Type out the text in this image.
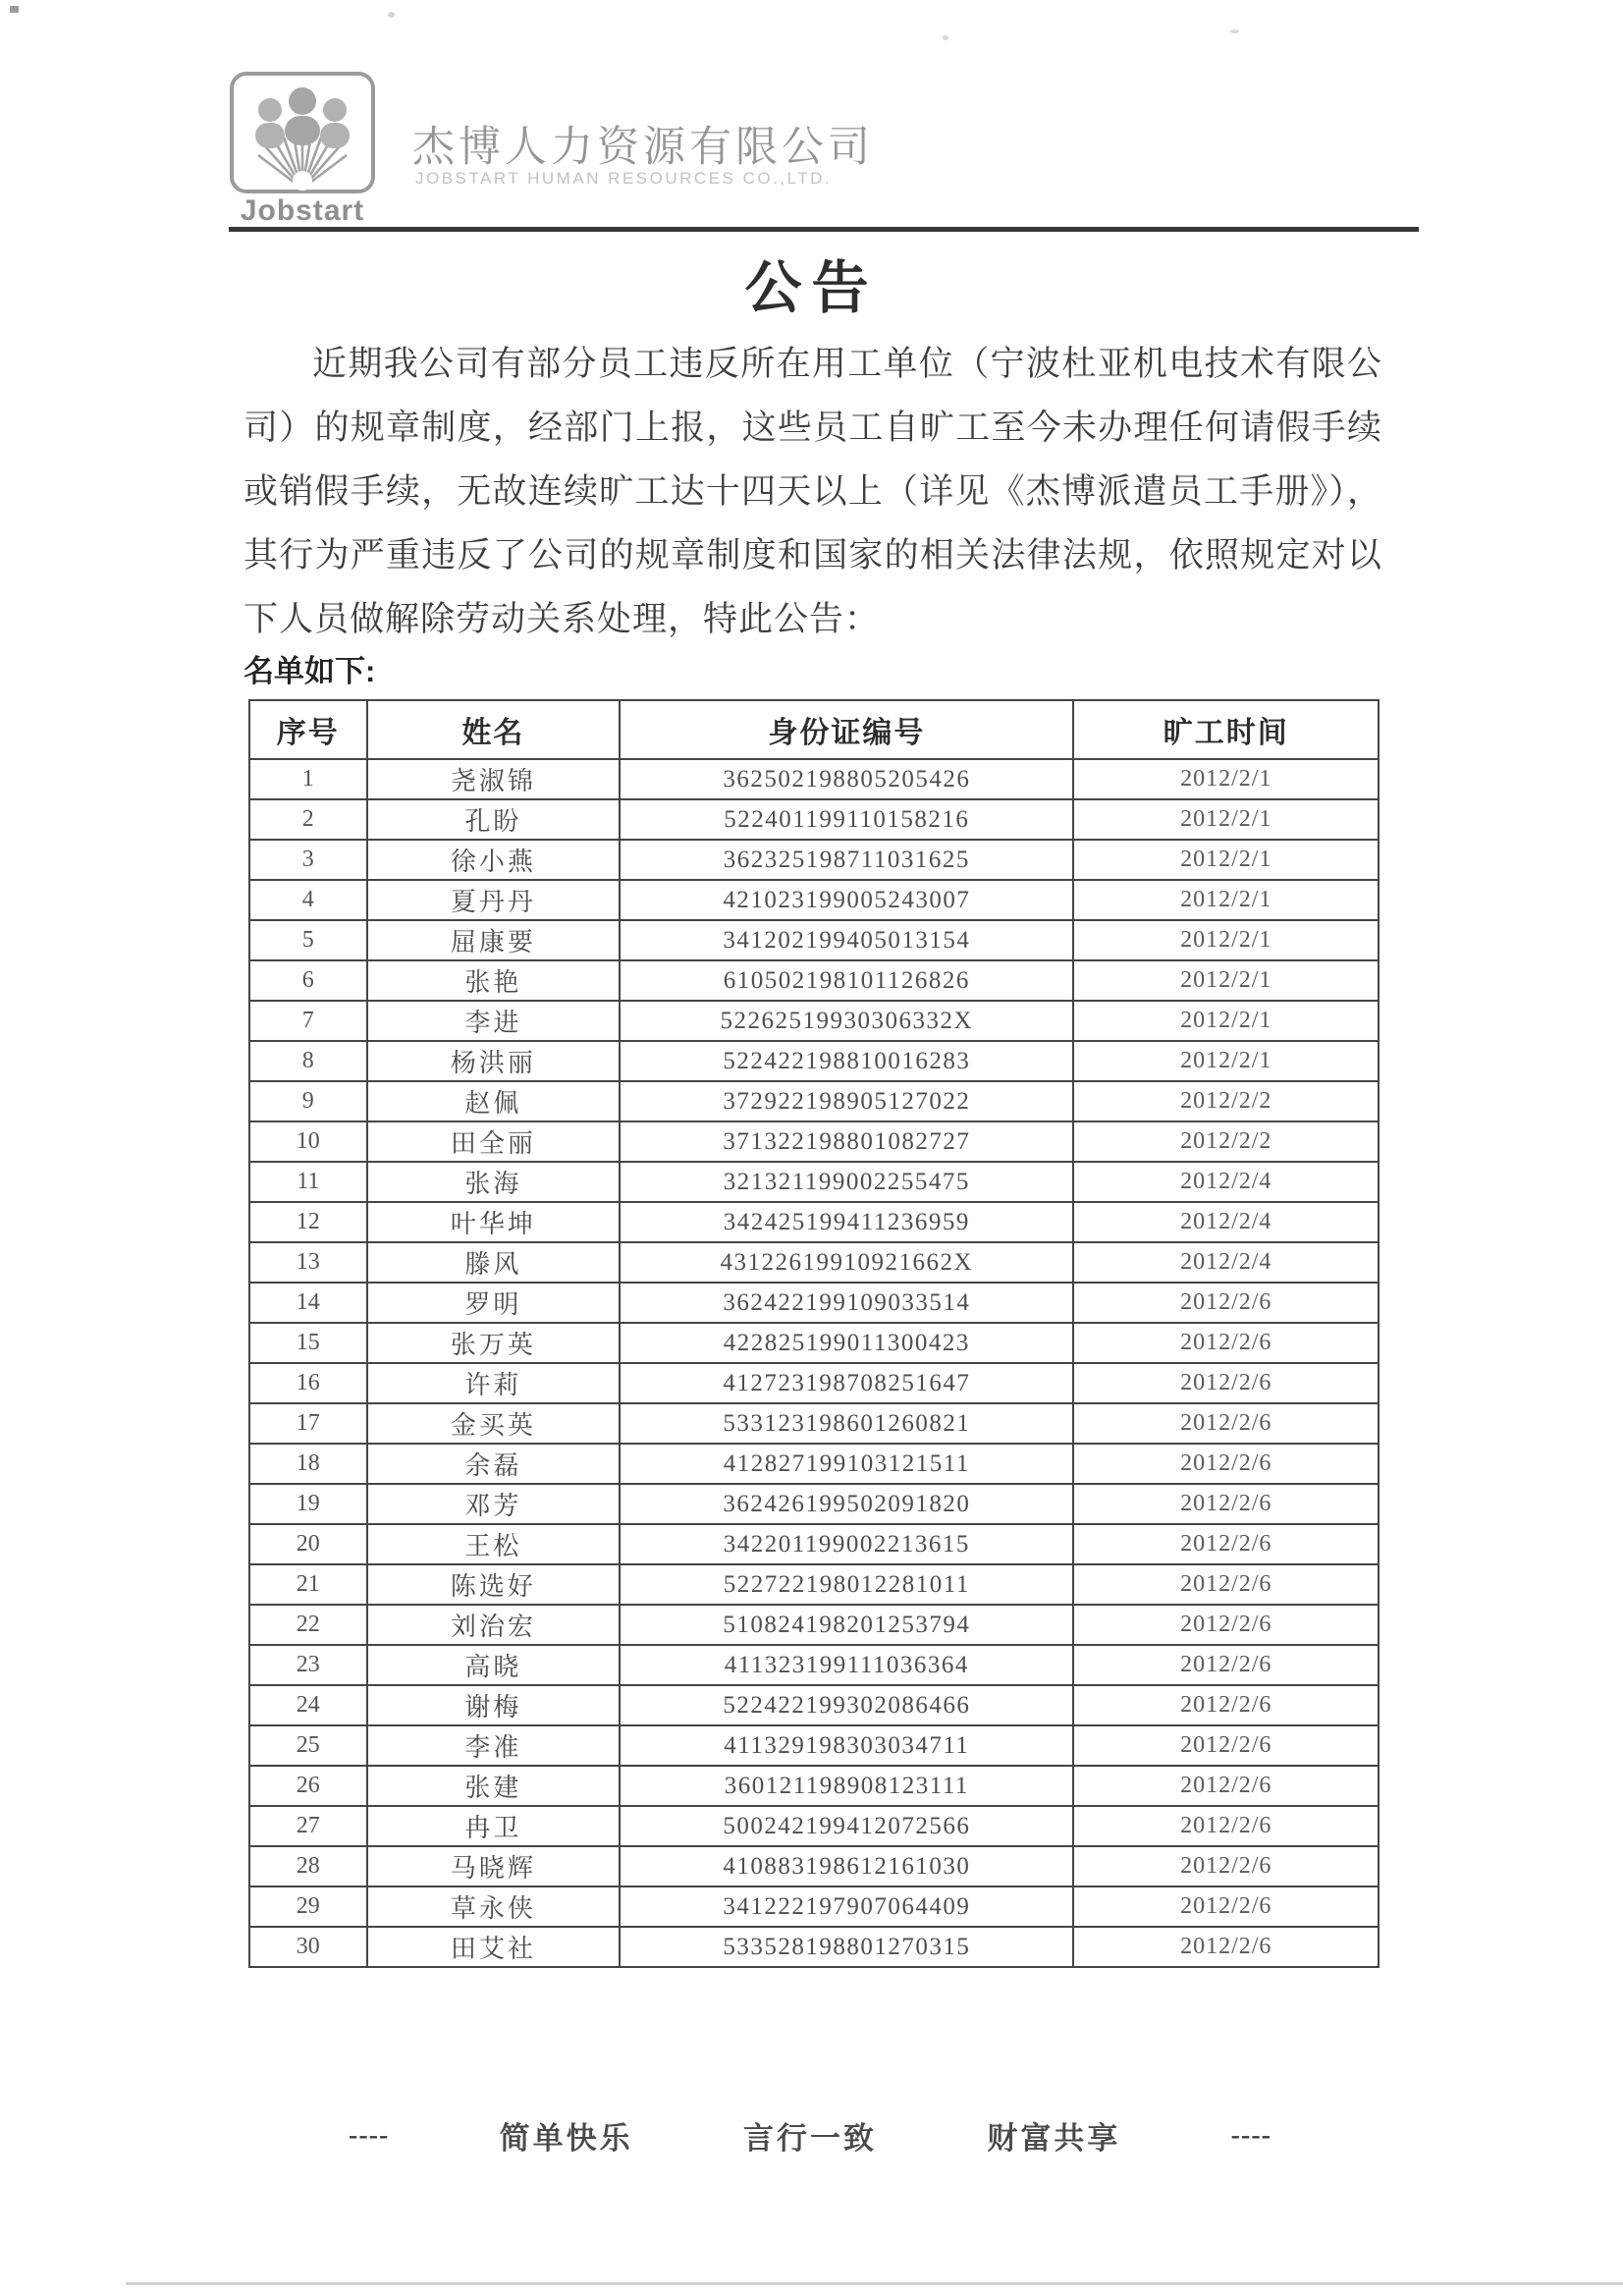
Jobstart
杰博人力资源有限公司
JOBSTART HUMAN RESOURCES CO.,LTD.
公告
近期我公司有部分员工违反所在用工单位（宁波杜亚机电技术有限公司）的规章制度，经部门上报，这些员工自旷工至今未办理任何请假手续或销假手续，无故连续旷工达十四天以上（详见《杰博派遣员工手册》），其行为严重违反了公司的规章制度和国家的相关法律法规，依照规定对以下人员做解除劳动关系处理，特此公告：
名单如下:
序号	姓名	身份证编号	旷工时间
1	尧淑锦	362502198805205426	2012/2/1
2	孔盼	522401199110158216	2012/2/1
3	徐小燕	362325198711031625	2012/2/1
4	夏丹丹	421023199005243007	2012/2/1
5	屈康要	341202199405013154	2012/2/1
6	张艳	610502198101126826	2012/2/1
7	李进	52262519930306332X	2012/2/1
8	杨洪丽	522422198810016283	2012/2/1
9	赵佩	372922198905127022	2012/2/2
10	田全丽	371322198801082727	2012/2/2
11	张海	321321199002255475	2012/2/4
12	叶华坤	342425199411236959	2012/2/4
13	滕风	43122619910921662X	2012/2/4
14	罗明	362422199109033514	2012/2/6
15	张万英	422825199011300423	2012/2/6
16	许莉	412723198708251647	2012/2/6
17	金买英	533123198601260821	2012/2/6
18	余磊	412827199103121511	2012/2/6
19	邓芳	362426199502091820	2012/2/6
20	王松	342201199002213615	2012/2/6
21	陈选好	522722198012281011	2012/2/6
22	刘治宏	510824198201253794	2012/2/6
23	高晓	411323199111036364	2012/2/6
24	谢梅	522422199302086466	2012/2/6
25	李准	411329198303034711	2012/2/6
26	张建	360121198908123111	2012/2/6
27	冉卫	500242199412072566	2012/2/6
28	马晓辉	410883198612161030	2012/2/6
29	草永侠	341222197907064409	2012/2/6
30	田艾社	533528198801270315	2012/2/6
----	简单快乐	言行一致	财富共享	----
